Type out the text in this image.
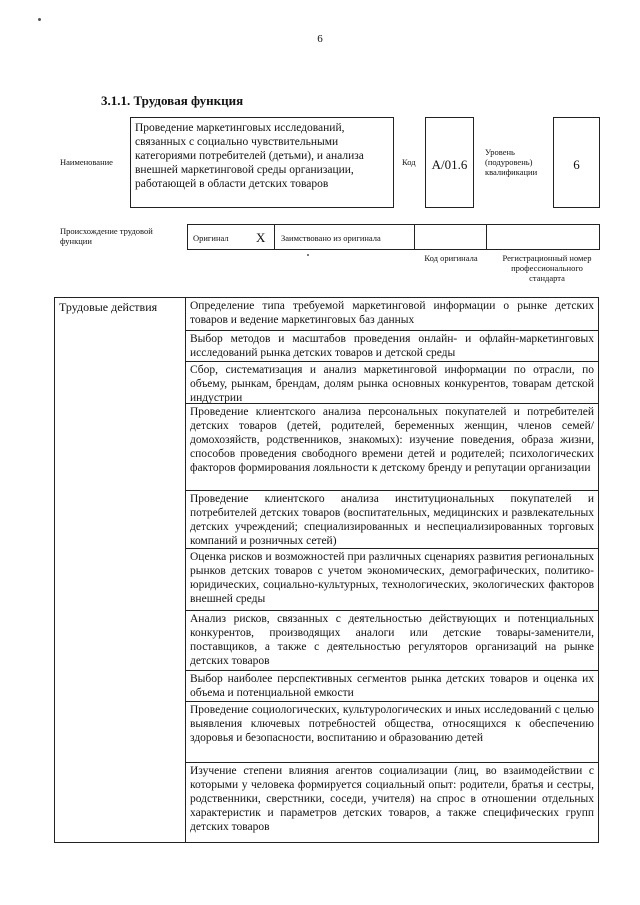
6
3.1.1. Трудовая функция
Наименование
Проведение маркетинговых исследований, связанных с социально чувствительными категориями потребителей (детьми), и анализа внешней маркетинговой среды организации, работающей в области детских товаров
Код	A/01.6
Уровень (подуровень) квалификации	6
Происхождение трудовой функции	Оригинал X Заимствовано из оригинала
Код оригинала	Регистрационный номер профессионального стандарта
Трудовые действия	Определение типа требуемой маркетинговой информации о рынке детских товаров и ведение маркетинговых баз данных
Выбор методов и масштабов проведения онлайн- и офлайн-маркетинговых исследований рынка детских товаров и детской среды
Сбор, систематизация и анализ маркетинговой информации по отрасли, по объему, рынкам, брендам, долям рынка основных конкурентов, товарам детской индустрии
Проведение клиентского анализа персональных покупателей и потребителей детских товаров (детей, родителей, беременных женщин, членов семей/домохозяйств, родственников, знакомых): изучение поведения, образа жизни, способов проведения свободного времени детей и родителей; психологических факторов формирования лояльности к детскому бренду и репутации организации
Проведение клиентского анализа институциональных покупателей и потребителей детских товаров (воспитательных, медицинских и развлекательных детских учреждений; специализированных и неспециализированных торговых компаний и розничных сетей)
Оценка рисков и возможностей при различных сценариях развития региональных рынков детских товаров с учетом экономических, демографических, политико-юридических, социально-культурных, технологических, экологических факторов внешней среды
Анализ рисков, связанных с деятельностью действующих и потенциальных конкурентов, производящих аналоги или детские товары-заменители, поставщиков, а также с деятельностью регуляторов организаций на рынке детских товаров
Выбор наиболее перспективных сегментов рынка детских товаров и оценка их объема и потенциальной емкости
Проведение социологических, культурологических и иных исследований с целью выявления ключевых потребностей общества, относящихся к обеспечению здоровья и безопасности, воспитанию и образованию детей
Изучение степени влияния агентов социализации (лиц, во взаимодействии с которыми у человека формируется социальный опыт: родители, братья и сестры, родственники, сверстники, соседи, учителя) на спрос в отношении отдельных характеристик и параметров детских товаров, а также специфических групп детских товаров
